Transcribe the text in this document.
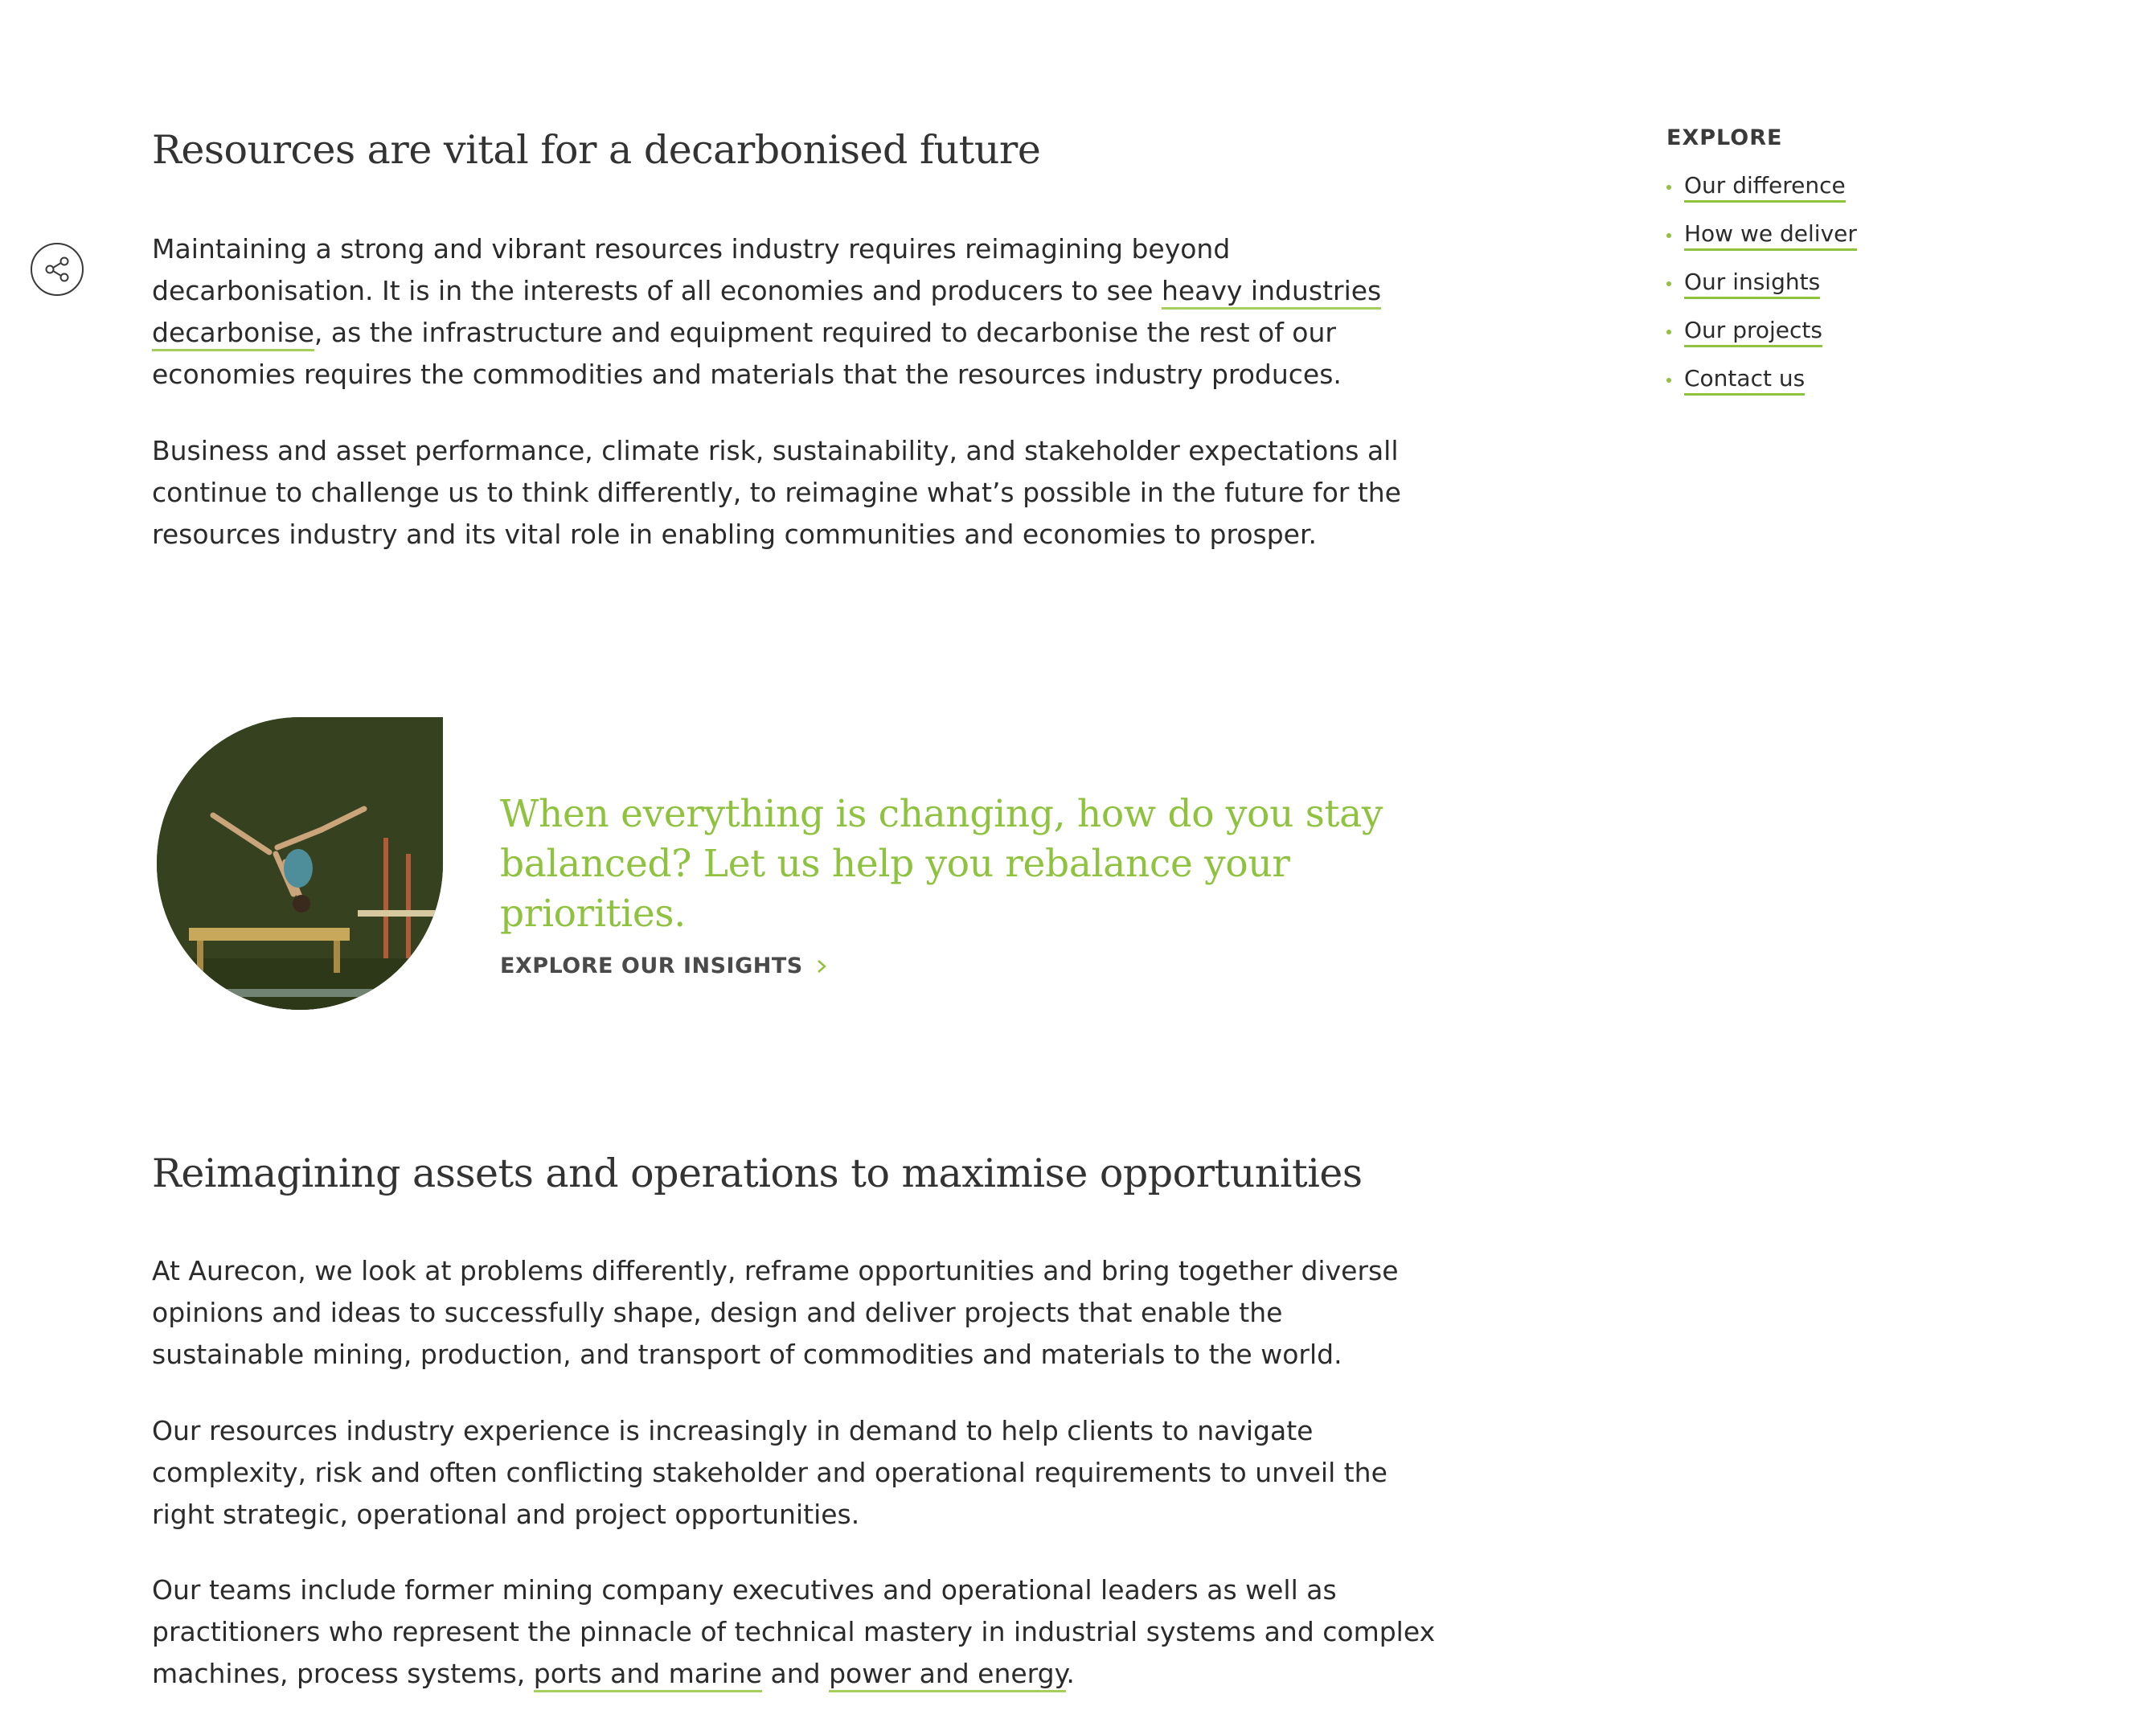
Resources are vital for a decarbonised future

Maintaining a strong and vibrant resources industry requires reimagining beyond decarbonisation. It is in the interests of all economies and producers to see heavy industries decarbonise, as the infrastructure and equipment required to decarbonise the rest of our economies requires the commodities and materials that the resources industry produces.

Business and asset performance, climate risk, sustainability, and stakeholder expectations all continue to challenge us to think differently, to reimagine what’s possible in the future for the resources industry and its vital role in enabling communities and economies to prosper.

Reimagining assets and operations to maximise opportunities

At Aurecon, we look at problems differently, reframe opportunities and bring together diverse opinions and ideas to successfully shape, design and deliver projects that enable the sustainable mining, production, and transport of commodities and materials to the world.

Our resources industry experience is increasingly in demand to help clients to navigate complexity, risk and often conflicting stakeholder and operational requirements to unveil the right strategic, operational and project opportunities.

Our teams include former mining company executives and operational leaders as well as practitioners who represent the pinnacle of technical mastery in industrial systems and complex machines, process systems, ports and marine and power and energy.

When everything is changing, how do you stay balanced? Let us help you rebalance your priorities.

EXPLORE OUR INSIGHTS

EXPLORE

Our difference
How we deliver
Our insights
Our projects
Contact us
